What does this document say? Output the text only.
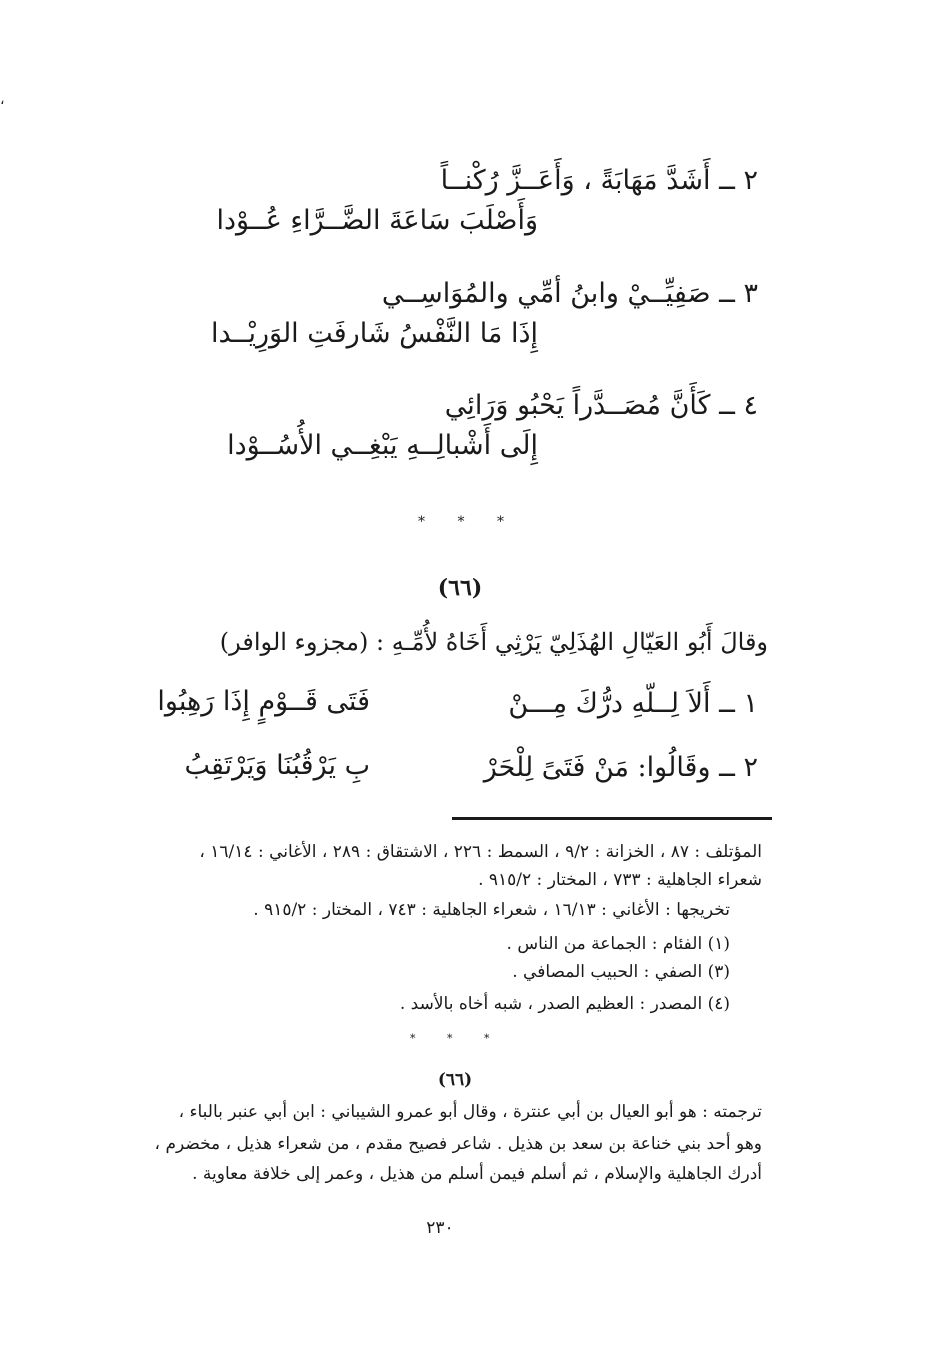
،
٢ ــ أَشَدَّ مَهَابَةً ، وَأَعَــزَّ رُكْنــاً
وَأَصْلَبَ سَاعَةَ الضَّــرَّاءِ عُــوْدا
٣ ــ صَفِيِّــيْ وابنُ أمِّي والمُوَاسِــي
إِذَا مَا النَّفْسُ شَارفَتِ الوَرِيْــدا
٤ ــ كَأَنَّ مُصَــدَّراً يَحْبُو وَرَائِي
إِلَى أَشْبالِــهِ يَبْغِــي الأُسُــوْدا
* * *
(٦٦)
وقالَ أَبُو العَيّالِ الهُذَلِيّ يَرْثِي أَخَاهُ لأُمِّـهِ : (مجزوء الوافر)
١ ــ أَلاَ لِــلّهِ درُّكَ مِـــنْ
فَتَى قَــوْمٍ إِذَا رَهِبُوا
٢ ــ وقَالُوا: مَنْ فَتَىً لِلْحَرْ
بِ يَرْقُبُنَا وَيَرْتَقِبُ
المؤتلف : ٨٧ ، الخزانة : ٩/٢ ، السمط : ٢٢٦ ، الاشتقاق : ٢٨٩ ، الأغاني : ١٦/١٤ ،
شعراء الجاهلية : ٧٣٣ ، المختار : ٩١٥/٢ .
تخريجها : الأغاني : ١٦/١٣ ، شعراء الجاهلية : ٧٤٣ ، المختار : ٩١٥/٢ .
(١) الفئام : الجماعة من الناس .
(٣) الصفي : الحبيب المصافي .
(٤) المصدر : العظيم الصدر ، شبه أخاه بالأسد .
* * *
(٦٦)
ترجمته : هو أبو العيال بن أبي عنترة ، وقال أبو عمرو الشيباني : ابن أبي عنبر بالباء ،
وهو أحد بني خناعة بن سعد بن هذيل . شاعر فصيح مقدم ، من شعراء هذيل ، مخضرم ،
أدرك الجاهلية والإسلام ، ثم أسلم فيمن أسلم من هذيل ، وعمر إلى خلافة معاوية .
٢٣٠
